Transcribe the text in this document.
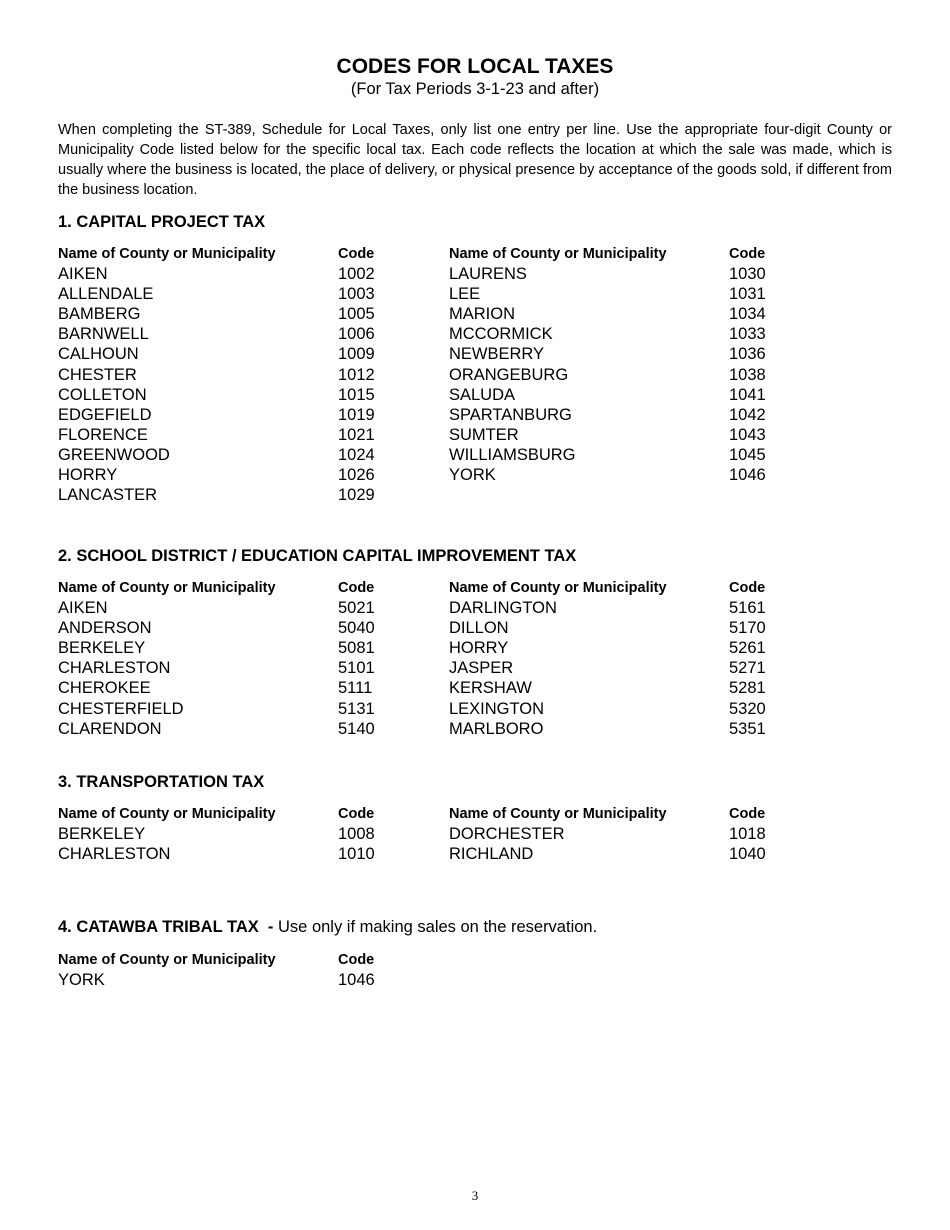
CODES FOR LOCAL TAXES
(For Tax Periods 3-1-23 and after)

When completing the ST-389, Schedule for Local Taxes, only list one entry per line. Use the appropriate four-digit County or Municipality Code listed below for the specific local tax. Each code reflects the location at which the sale was made, which is usually where the business is located, the place of delivery, or physical presence by acceptance of the goods sold, if different from the business location.

1. CAPITAL PROJECT TAX
Name of County or Municipality
AIKEN
ALLENDALE
BAMBERG
BARNWELL
CALHOUN
CHESTER
COLLETON
EDGEFIELD
FLORENCE
GREENWOOD
HORRY
LANCASTER
Code
1002
1003
1005
1006
1009
1012
1015
1019
1021
1024
1026
1029
Name of County or Municipality
LAURENS
LEE
MARION
MCCORMICK
NEWBERRY
ORANGEBURG
SALUDA
SPARTANBURG
SUMTER
WILLIAMSBURG
YORK
Code
1030
1031
1034
1033
1036
1038
1041
1042
1043
1045
1046
2. SCHOOL DISTRICT / EDUCATION CAPITAL IMPROVEMENT TAX
Name of County or Municipality
AIKEN
ANDERSON
BERKELEY
CHARLESTON
CHEROKEE
CHESTERFIELD
CLARENDON
Code
5021
5040
5081
5101
5111
5131
5140
Name of County or Municipality
DARLINGTON
DILLON
HORRY
JASPER
KERSHAW
LEXINGTON
MARLBORO
Code
5161
5170
5261
5271
5281
5320
5351
3. TRANSPORTATION TAX
Name of County or Municipality
BERKELEY
CHARLESTON
Code
1008
1010
Name of County or Municipality
DORCHESTER
RICHLAND
Code
1018
1040
4. CATAWBA TRIBAL TAX - Use only if making sales on the reservation.
Name of County or Municipality
YORK
Code
1046
3
